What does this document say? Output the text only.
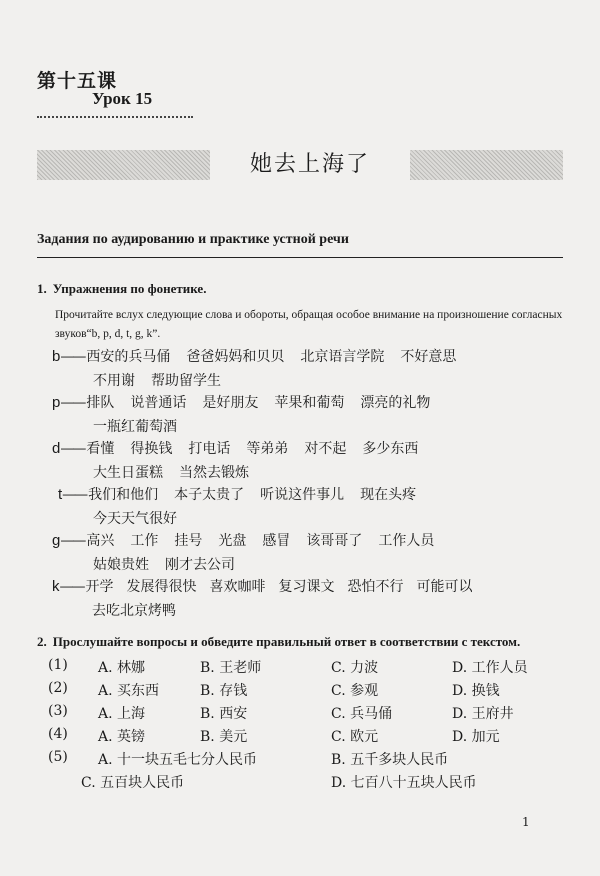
第十五课
Урок 15
她去上海了
Задания по аудированию и практике устной речи
1. Упражнения по фонетике.
Прочитайте вслух следующие слова и обороты, обращая особое внимание на произношение согласных звуков“b, p, d, t, g, k”.
b—— 西安的兵马俑 爸爸妈妈和贝贝 北京语言学院 不好意思
不用谢 帮助留学生
p—— 排队 说普通话 是好朋友 苹果和葡萄 漂亮的礼物
一瓶红葡萄酒
d—— 看懂 得换钱 打电话 等弟弟 对不起 多少东西
大生日蛋糕 当然去锻炼
t—— 我们和他们 本子太贵了 听说这件事儿 现在头疼
今天天气很好
g—— 高兴 工作 挂号 光盘 感冒 该哥哥了 工作人员
姑娘贵姓 刚才去公司
k—— 开学 发展得很快 喜欢咖啡 复习课文 恐怕不行 可能可以
去吃北京烤鸭
2. Прослушайте вопросы и обведите правильный ответ в соответствии с текстом.
(1) A. 林娜	B. 王老师	C. 力波	D. 工作人员
(2) A. 买东西	B. 存钱	C. 参观	D. 换钱
(3) A. 上海	B. 西安	C. 兵马俑	D. 王府井
(4) A. 英镑	B. 美元	C. 欧元	D. 加元
(5) A. 十一块五毛七分人民币	B. 五千多块人民币
C. 五百块人民币	D. 七百八十五块人民币
1
